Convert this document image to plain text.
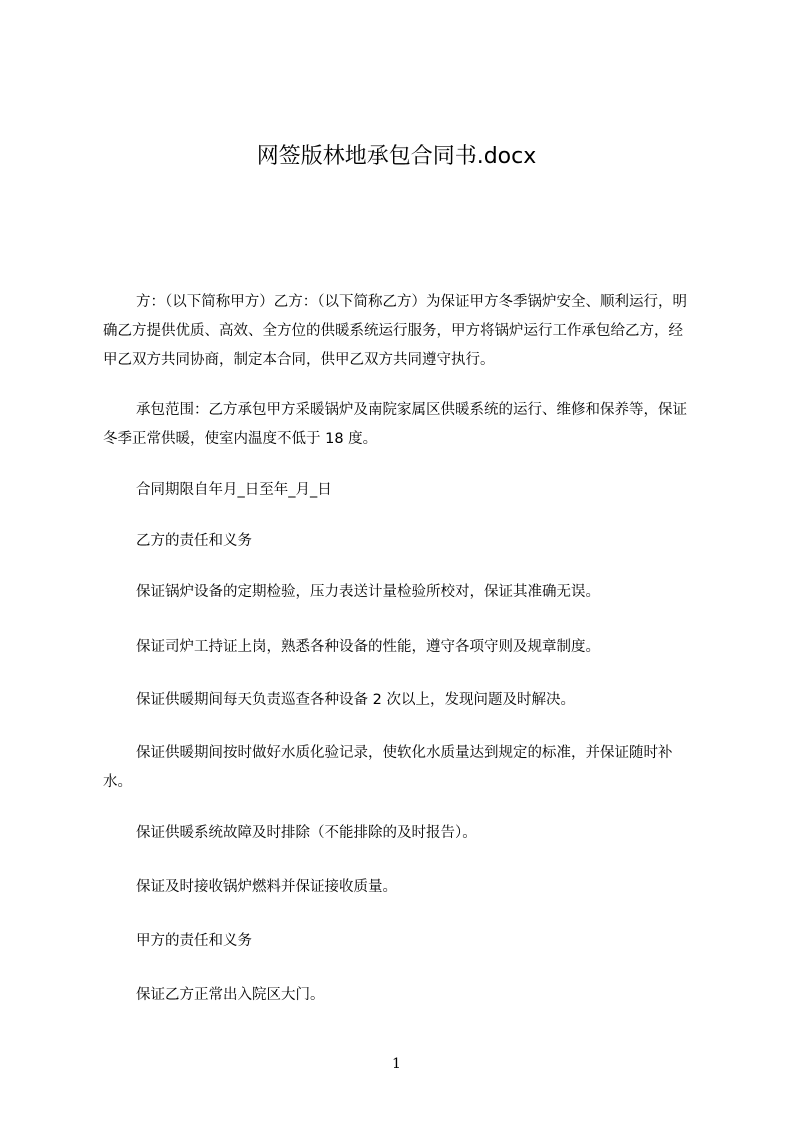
网签版林地承包合同书.docx

方：（以下简称甲方）乙方：（以下简称乙方）为保证甲方冬季锅炉安全、顺利运行，明确乙方提供优质、高效、全方位的供暖系统运行服务，甲方将锅炉运行工作承包给乙方，经甲乙双方共同协商，制定本合同，供甲乙双方共同遵守执行。

承包范围：乙方承包甲方采暖锅炉及南院家属区供暖系统的运行、维修和保养等，保证冬季正常供暖，使室内温度不低于 18 度。

合同期限自年月_日至年_月_日

乙方的责任和义务

保证锅炉设备的定期检验，压力表送计量检验所校对，保证其准确无误。

保证司炉工持证上岗，熟悉各种设备的性能，遵守各项守则及规章制度。

保证供暖期间每天负责巡查各种设备 2 次以上，发现问题及时解决。

保证供暖期间按时做好水质化验记录，使软化水质量达到规定的标准，并保证随时补水。

保证供暖系统故障及时排除（不能排除的及时报告）。

保证及时接收锅炉燃料并保证接收质量。

甲方的责任和义务

保证乙方正常出入院区大门。

1
